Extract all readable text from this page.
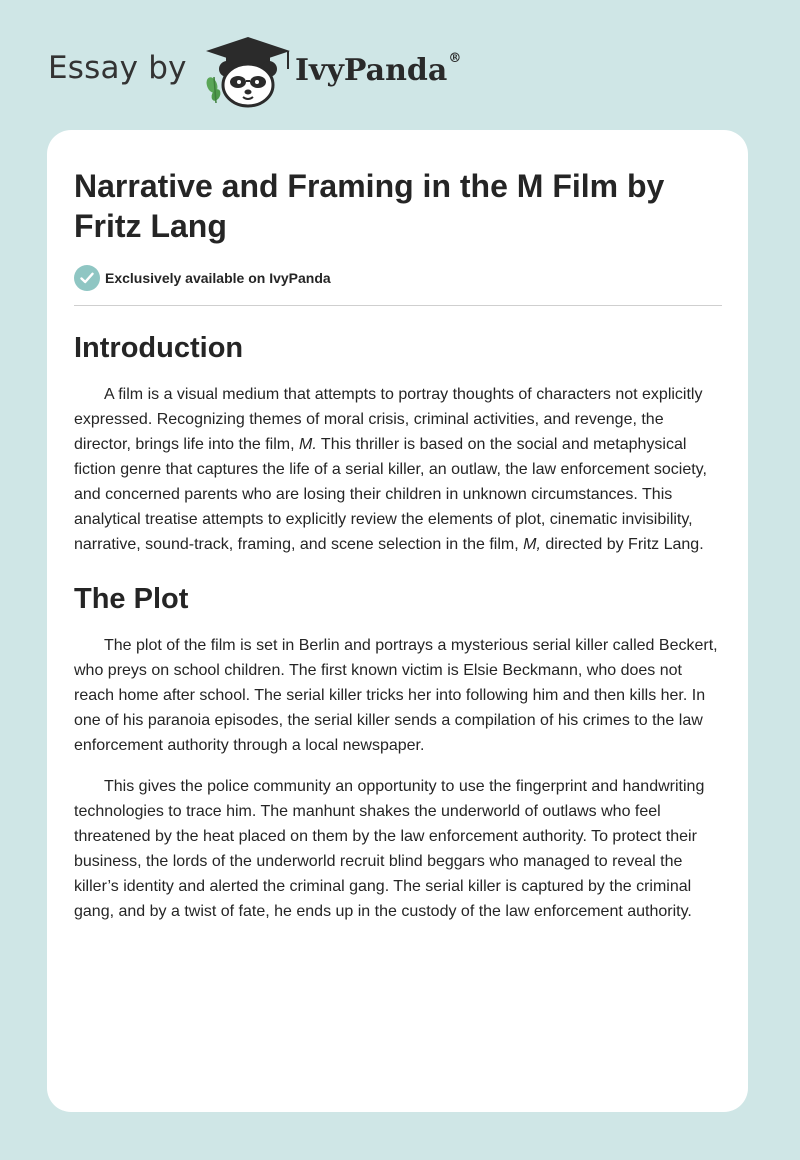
Essay by	IvyPanda®
Narrative and Framing in the M Film by Fritz Lang
Exclusively available on IvyPanda
Introduction

A film is a visual medium that attempts to portray thoughts of characters not explicitly expressed. Recognizing themes of moral crisis, criminal activities, and revenge, the director, brings life into the film, M. This thriller is based on the social and metaphysical fiction genre that captures the life of a serial killer, an outlaw, the law enforcement society, and concerned parents who are losing their children in unknown circumstances. This analytical treatise attempts to explicitly review the elements of plot, cinematic invisibility, narrative, sound-track, framing, and scene selection in the film, M, directed by Fritz Lang.

The Plot

The plot of the film is set in Berlin and portrays a mysterious serial killer called Beckert, who preys on school children. The first known victim is Elsie Beckmann, who does not reach home after school. The serial killer tricks her into following him and then kills her. In one of his paranoia episodes, the serial killer sends a compilation of his crimes to the law enforcement authority through a local newspaper.

This gives the police community an opportunity to use the fingerprint and handwriting technologies to trace him. The manhunt shakes the underworld of outlaws who feel threatened by the heat placed on them by the law enforcement authority. To protect their business, the lords of the underworld recruit blind beggars who managed to reveal the killer’s identity and alerted the criminal gang. The serial killer is captured by the criminal gang, and by a twist of fate, he ends up in the custody of the law enforcement authority.
